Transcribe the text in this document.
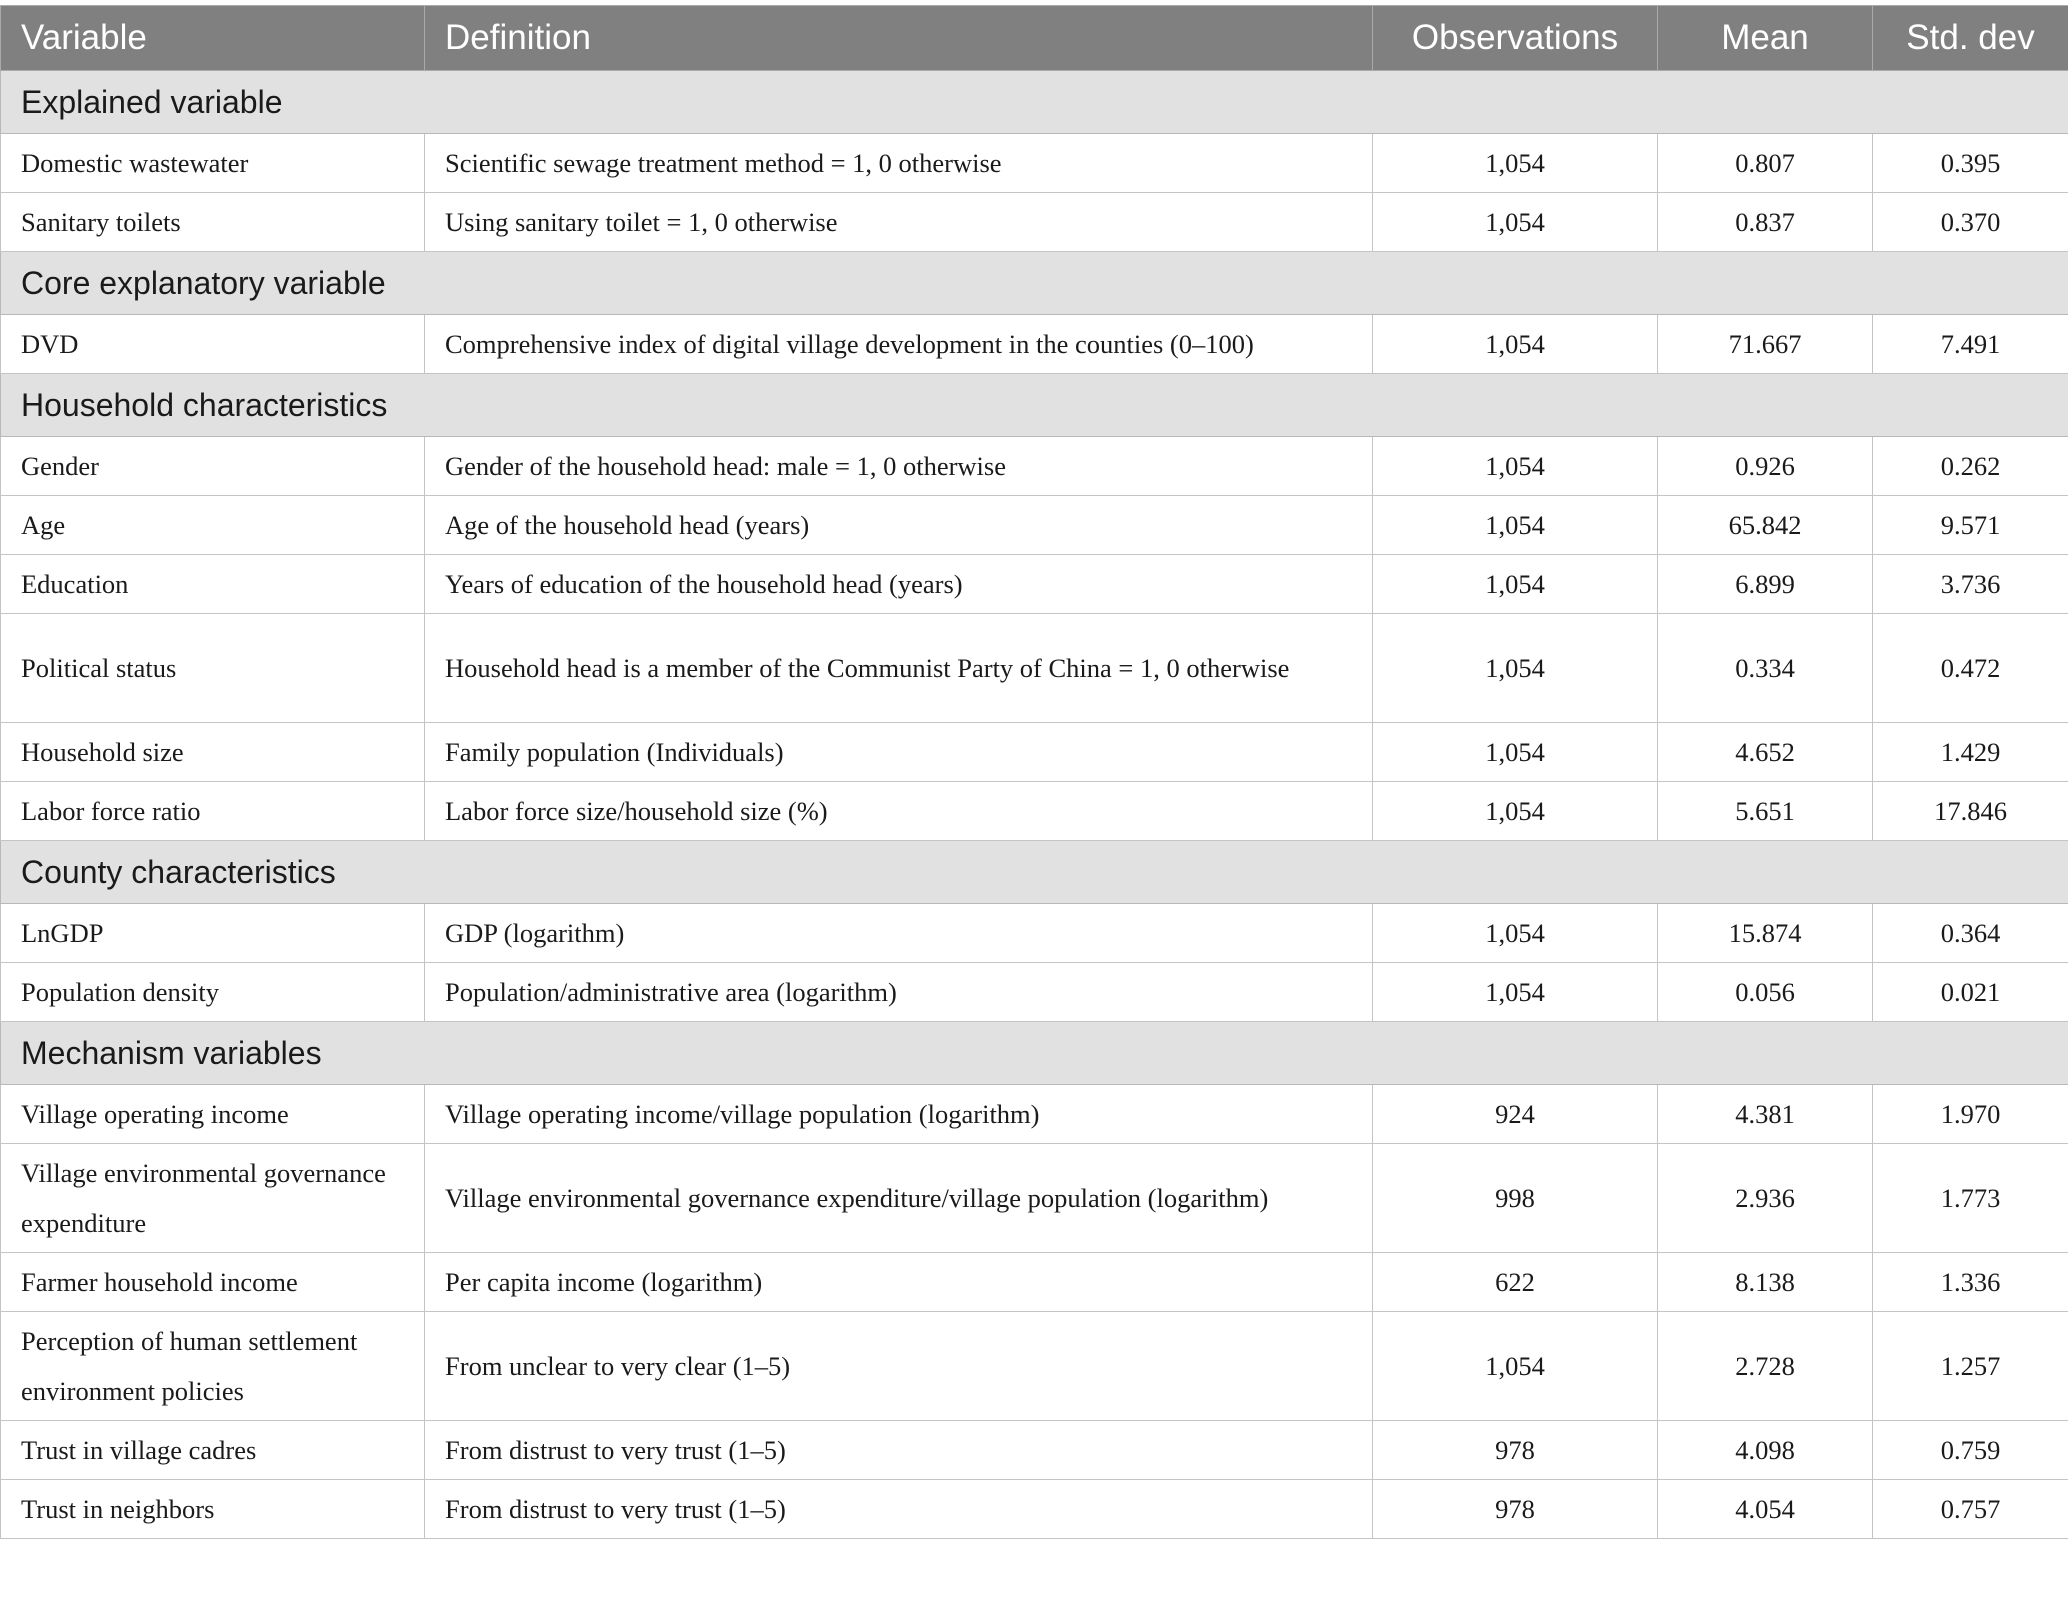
Variable	Definition	Observations	Mean	Std. dev
Explained variable				
Domestic wastewater	Scientific sewage treatment method = 1, 0 otherwise	1,054	0.807	0.395
Sanitary toilets	Using sanitary toilet = 1, 0 otherwise	1,054	0.837	0.370
Core explanatory variable				
DVD	Comprehensive index of digital village development in the counties (0–100)	1,054	71.667	7.491
Household characteristics				
Gender	Gender of the household head: male = 1, 0 otherwise	1,054	0.926	0.262
Age	Age of the household head (years)	1,054	65.842	9.571
Education	Years of education of the household head (years)	1,054	6.899	3.736
Political status	Household head is a member of the Communist Party of China = 1, 0 otherwise	1,054	0.334	0.472
Household size	Family population (Individuals)	1,054	4.652	1.429
Labor force ratio	Labor force size/household size (%)	1,054	5.651	17.846
County characteristics				
LnGDP	GDP (logarithm)	1,054	15.874	0.364
Population density	Population/administrative area (logarithm)	1,054	0.056	0.021
Mechanism variables				
Village operating income	Village operating income/village population (logarithm)	924	4.381	1.970
Village environmental governance expenditure	Village environmental governance expenditure/village population (logarithm)	998	2.936	1.773
Farmer household income	Per capita income (logarithm)	622	8.138	1.336
Perception of human settlement environment policies	From unclear to very clear (1–5)	1,054	2.728	1.257
Trust in village cadres	From distrust to very trust (1–5)	978	4.098	0.759
Trust in neighbors	From distrust to very trust (1–5)	978	4.054	0.757
